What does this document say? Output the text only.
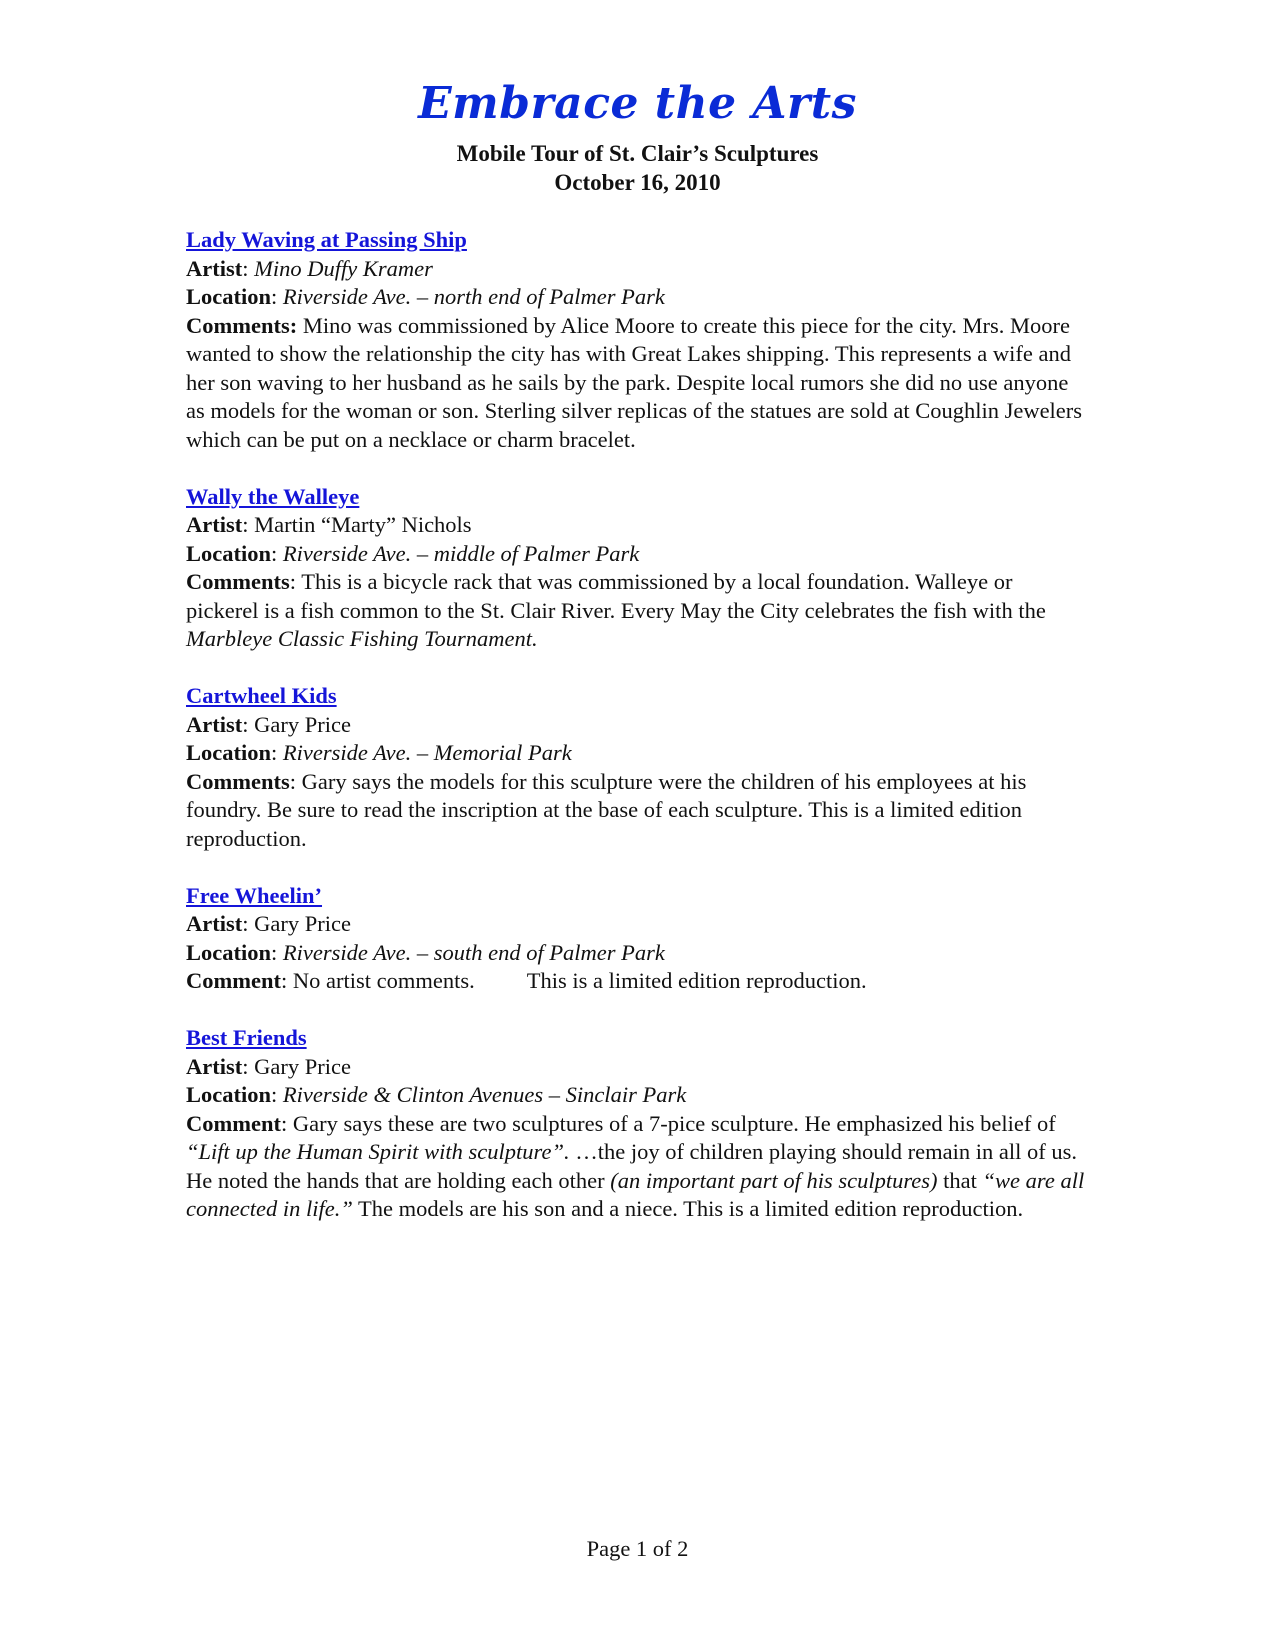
Embrace the Arts
Mobile Tour of St. Clair’s Sculptures
October 16, 2010
Lady Waving at Passing Ship
Artist: Mino Duffy Kramer
Location: Riverside Ave. – north end of Palmer Park
Comments: Mino was commissioned by Alice Moore to create this piece for the city. Mrs. Moore wanted to show the relationship the city has with Great Lakes shipping. This represents a wife and her son waving to her husband as he sails by the park. Despite local rumors she did no use anyone as models for the woman or son. Sterling silver replicas of the statues are sold at Coughlin Jewelers which can be put on a necklace or charm bracelet.
Wally the Walleye
Artist: Martin “Marty” Nichols
Location: Riverside Ave. – middle of Palmer Park
Comments: This is a bicycle rack that was commissioned by a local foundation. Walleye or pickerel is a fish common to the St. Clair River. Every May the City celebrates the fish with the Marbleye Classic Fishing Tournament.
Cartwheel Kids
Artist: Gary Price
Location: Riverside Ave. – Memorial Park
Comments: Gary says the models for this sculpture were the children of his employees at his foundry. Be sure to read the inscription at the base of each sculpture. This is a limited edition reproduction.
Free Wheelin’
Artist: Gary Price
Location: Riverside Ave. – south end of Palmer Park
Comment: No artist comments. This is a limited edition reproduction.
Best Friends
Artist: Gary Price
Location: Riverside & Clinton Avenues – Sinclair Park
Comment: Gary says these are two sculptures of a 7-pice sculpture. He emphasized his belief of “Lift up the Human Spirit with sculpture”. …the joy of children playing should remain in all of us. He noted the hands that are holding each other (an important part of his sculptures) that “we are all connected in life.” The models are his son and a niece. This is a limited edition reproduction.
Page 1 of 2
